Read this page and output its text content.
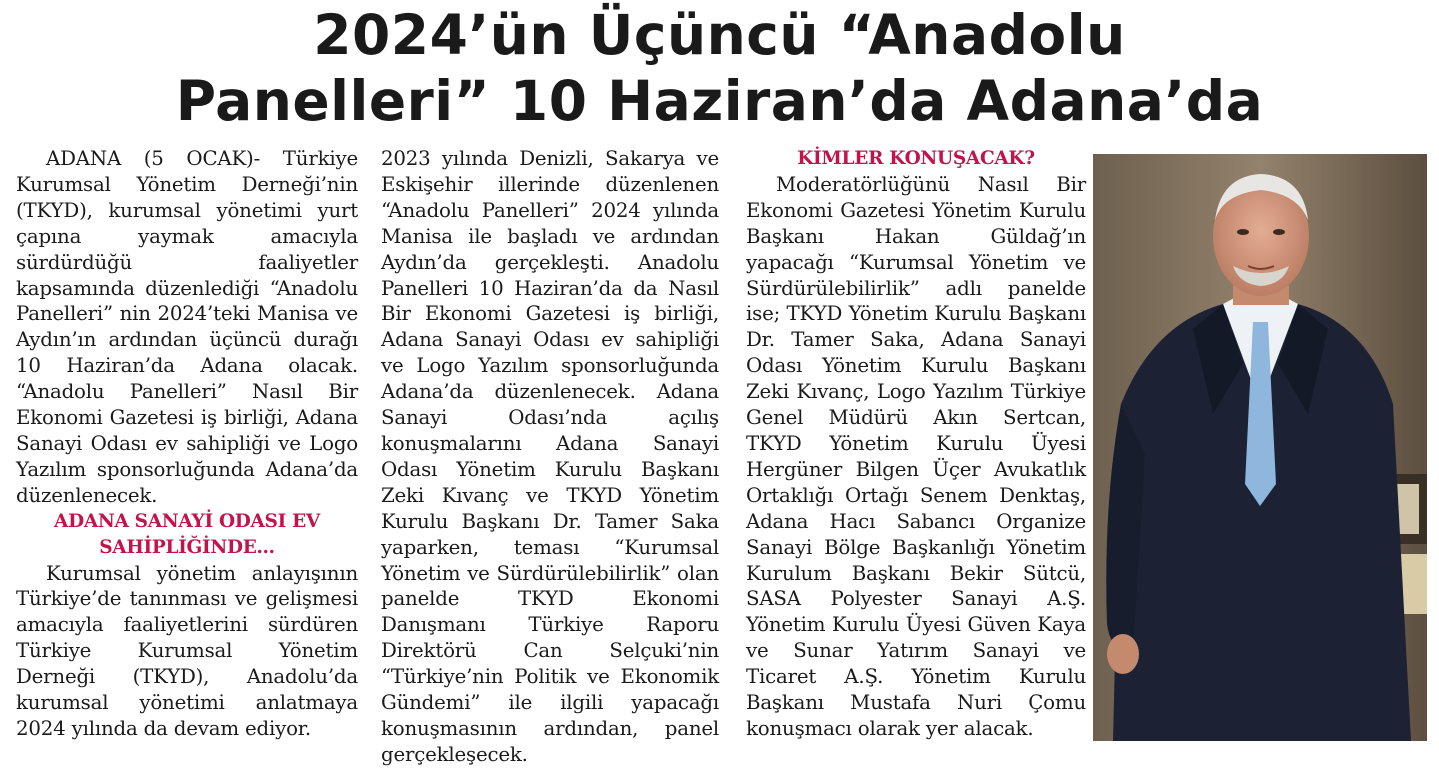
2024’ün Üçüncü “Anadolu
Panelleri” 10 Haziran’da Adana’da

ADANA (5 OCAK)- Türkiye Kurumsal Yönetim Derneği’nin (TKYD), kurumsal yönetimi yurt çapına yaymak amacıyla sürdürdüğü faaliyetler kapsamında düzenlediği “Anadolu Panelleri” nin 2024’teki Manisa ve Aydın’ın ardından üçüncü durağı 10 Haziran’da Adana olacak. “Anadolu Panelleri” Nasıl Bir Ekonomi Gazetesi iş birliği, Adana Sanayi Odası ev sahipliği ve Logo Yazılım sponsorluğunda Adana’da düzenlenecek.

ADANA SANAYİ ODASI EV
SAHİPLİĞİNDE…

Kurumsal yönetim anlayışının Türkiye’de tanınması ve gelişmesi amacıyla faaliyetlerini sürdüren Türkiye Kurumsal Yönetim Derneği (TKYD), Anadolu’da kurumsal yönetimi anlatmaya 2024 yılında da devam ediyor.

2023 yılında Denizli, Sakarya ve Eskişehir illerinde düzenlenen “Anadolu Panelleri” 2024 yılında Manisa ile başladı ve ardından Aydın’da gerçekleşti. Anadolu Panelleri 10 Haziran’da da Nasıl Bir Ekonomi Gazetesi iş birliği, Adana Sanayi Odası ev sahipliği ve Logo Yazılım sponsorluğunda Adana’da düzenlenecek. Adana Sanayi Odası’nda açılış konuşmalarını Adana Sanayi Odası Yönetim Kurulu Başkanı Zeki Kıvanç ve TKYD Yönetim Kurulu Başkanı Dr. Tamer Saka yaparken, teması “Kurumsal Yönetim ve Sürdürülebilirlik” olan panelde TKYD Ekonomi Danışmanı Türkiye Raporu Direktörü Can Selçuki’nin “Türkiye’nin Politik ve Ekonomik Gündemi” ile ilgili yapacağı konuşmasının ardından, panel gerçekleşecek.

KİMLER KONUŞACAK?

Moderatörlüğünü Nasıl Bir Ekonomi Gazetesi Yönetim Kurulu Başkanı Hakan Güldağ’ın yapacağı “Kurumsal Yönetim ve Sürdürülebilirlik” adlı panelde ise; TKYD Yönetim Kurulu Başkanı Dr. Tamer Saka, Adana Sanayi Odası Yönetim Kurulu Başkanı Zeki Kıvanç, Logo Yazılım Türkiye Genel Müdürü Akın Sertcan, TKYD Yönetim Kurulu Üyesi Hergüner Bilgen Üçer Avukatlık Ortaklığı Ortağı Senem Denktaş, Adana Hacı Sabancı Organize Sanayi Bölge Başkanlığı Yönetim Kurulum Başkanı Bekir Sütcü, SASA Polyester Sanayi A.Ş. Yönetim Kurulu Üyesi Güven Kaya ve Sunar Yatırım Sanayi ve Ticaret A.Ş. Yönetim Kurulu Başkanı Mustafa Nuri Çomu konuşmacı olarak yer alacak.
